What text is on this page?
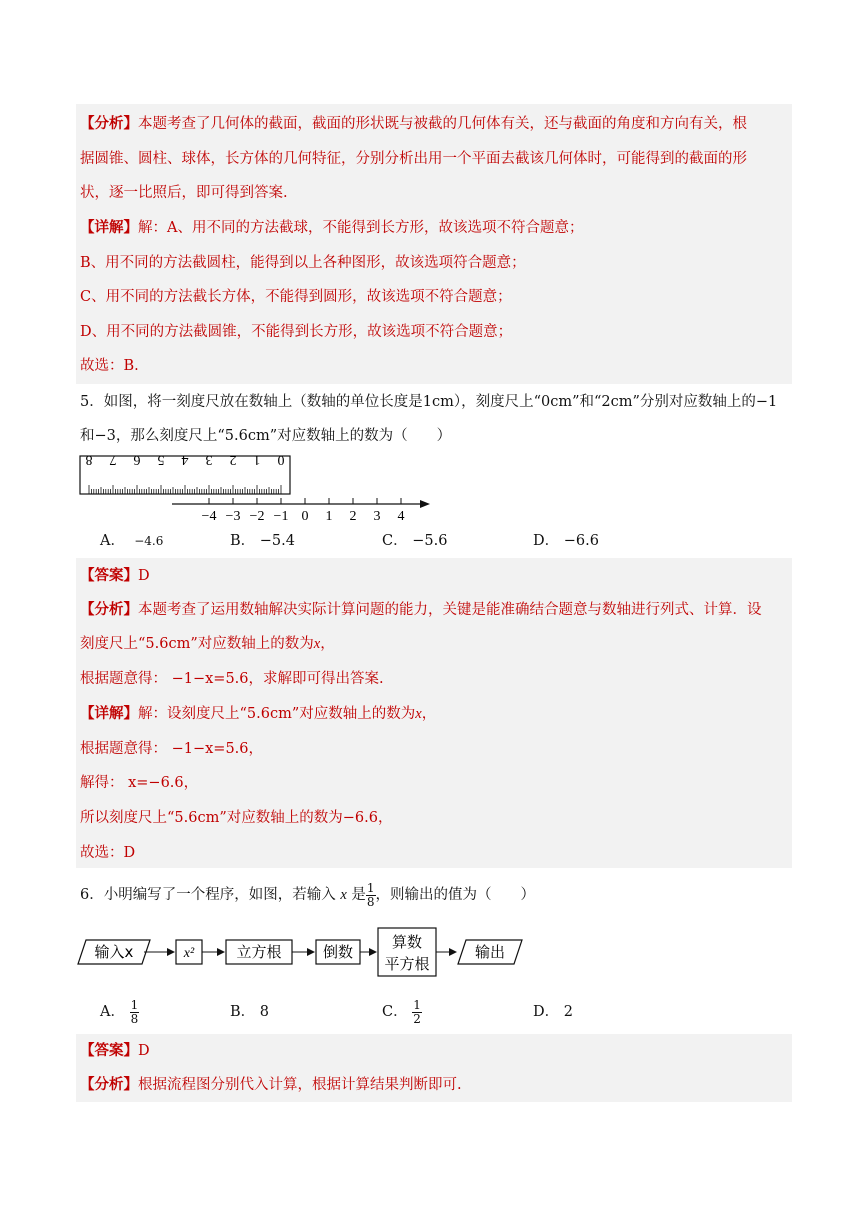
【分析】本题考查了几何体的截面，截面的形状既与被截的几何体有关，还与截面的角度和方向有关，根
据圆锥、圆柱、球体，长方体的几何特征，分别分析出用一个平面去截该几何体时，可能得到的截面的形
状，逐一比照后，即可得到答案.
【详解】解：A、用不同的方法截球，不能得到长方形，故该选项不符合题意；
B、用不同的方法截圆柱，能得到以上各种图形，故该选项符合题意；
C、用不同的方法截长方体，不能得到圆形，故该选项不符合题意；
D、用不同的方法截圆锥，不能得到长方形，故该选项不符合题意；
故选：B.
5．如图，将一刻度尺放在数轴上（数轴的单位长度是1cm），刻度尺上“0cm”和“2cm”分别对应数轴上的−1
和−3，那么刻度尺上“5.6cm”对应数轴上的数为（　　）
8 7 6 5 4 3 2 1 0
−4 −3 −2 −1 0 1 2 3 4
A． −4.6	B． −5.4	C． −5.6	D． −6.6
【答案】D
【分析】本题考查了运用数轴解决实际计算问题的能力，关键是能准确结合题意与数轴进行列式、计算．设
刻度尺上“5.6cm”对应数轴上的数为x，
根据题意得： −1−x=5.6，求解即可得出答案.
【详解】解：设刻度尺上“5.6cm”对应数轴上的数为x，
根据题意得： −1−x=5.6，
解得： x=−6.6，
所以刻度尺上“5.6cm”对应数轴上的数为−6.6，
故选：D
6．小明编写了一个程序，如图，若输入 x 是 $\frac{1}{8}$ ，则输出的值为（　　）
输入x	x²	立方根	倒数
算数
平方根
输出
A． $\frac{1}{8}$	B． 8	C． $\frac{1}{2}$	D． 2
【答案】D
【分析】根据流程图分别代入计算，根据计算结果判断即可.
